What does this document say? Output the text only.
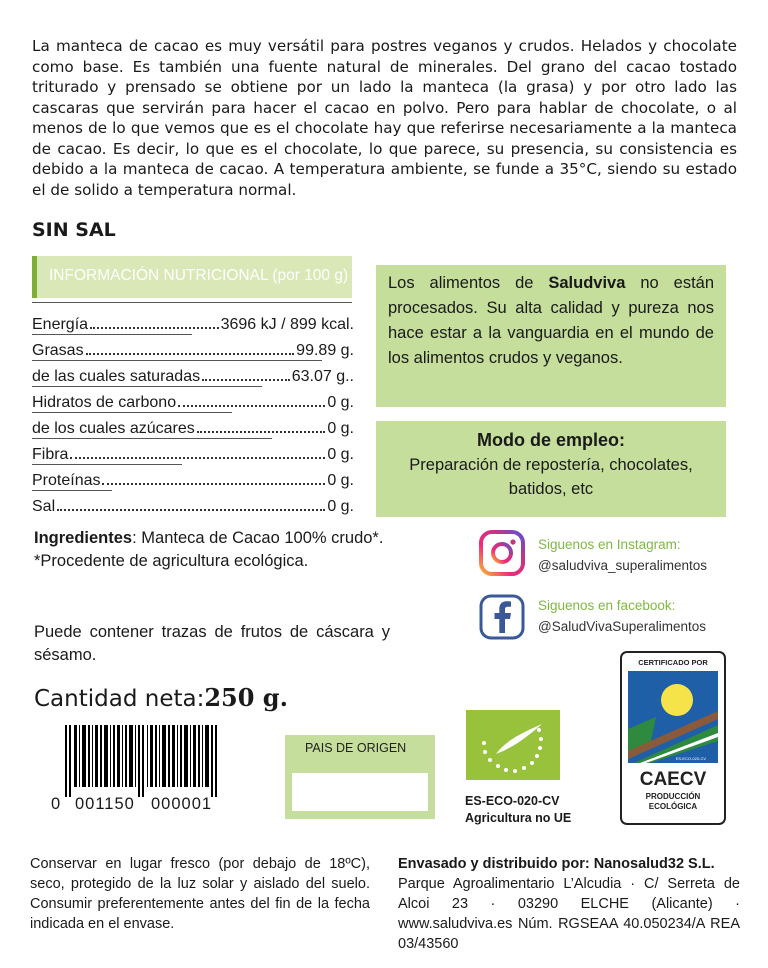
La manteca de cacao es muy versátil para postres veganos y crudos. Helados y chocolate como base. Es también una fuente natural de minerales. Del grano del cacao tostado triturado y prensado se obtiene por un lado la manteca (la grasa) y por otro lado las cascaras que servirán para hacer el cacao en polvo. Pero para hablar de chocolate, o al menos de lo que vemos que es el chocolate hay que referirse necesariamente a la manteca de cacao. Es decir, lo que es el chocolate, lo que parece, su presencia, su consistencia es debido a la manteca de cacao. A temperatura ambiente, se funde a 35°C, siendo su estado el de solido a temperatura normal.

SIN SAL
INFORMACIÓN NUTRICIONAL (por 100 g)
Energía	3696 kJ / 899 kcal.
Grasas	99.89 g.
de las cuales saturadas	63.07 g..
Hidratos de carbono	0 g.
de los cuales azúcares	0 g.
Fibra	0 g.
Proteínas	0 g.
Sal	0 g.

Los alimentos de Saludviva no están procesados. Su alta calidad y pureza nos hace estar a la vanguardia en el mundo de los alimentos crudos y veganos.

Modo de empleo:
Preparación de repostería, chocolates, batidos, etc
Ingredientes: Manteca de Cacao 100% crudo*.
*Procedente de agricultura ecológica.
Puede contener trazas de frutos de cáscara y sésamo.
Cantidad neta:250 g.
Siguenos en Instagram:
@saludviva_superalimentos
Siguenos en facebook:
@SaludVivaSuperalimentos
0 001150 000001
PAIS DE ORIGEN
ES-ECO-020-CV
Agricultura no UE
CERTIFICADO POR
ES-ECO-020-CV
CAECV
PRODUCCIÓN
ECOLÓGICA
Conservar en lugar fresco (por debajo de 18ºC), seco, protegido de la luz solar y aislado del suelo. Consumir preferentemente antes del fin de la fecha indicada en el envase.
Envasado y distribuido por: Nanosalud32 S.L.
Parque Agroalimentario L’Alcudia · C/ Serreta de Alcoi 23 · 03290 ELCHE (Alicante) · www.saludviva.es Núm. RGSEAA 40.050234/A REA 03/43560
